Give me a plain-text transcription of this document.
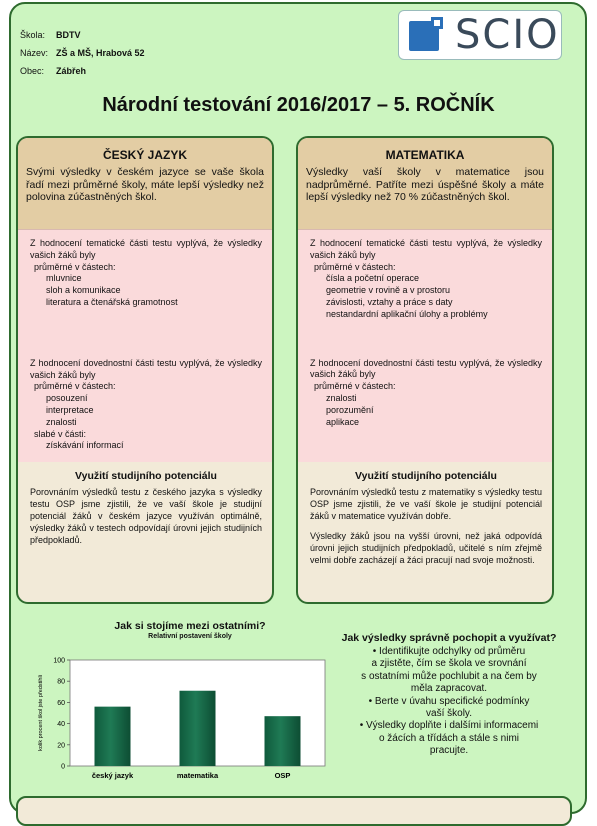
Škola:	BDTV
Název: ZŠ a MŠ, Hrabová 52
Obec:	Zábřeh
SCIO
Národní testování 2016/2017 – 5. ROČNÍK
ČESKÝ JAZYK
Svými výsledky v českém jazyce se vaše škola řadí mezi průměrné školy, máte lepší výsledky než polovina zúčastněných škol.
Z hodnocení tematické části testu vyplývá, že výsledky vašich žáků byly
průměrné v částech:
mluvnice
sloh a komunikace
literatura a čtenářská gramotnost
Z hodnocení dovednostní části testu vyplývá, že výsledky vašich žáků byly
průměrné v částech:
posouzení
interpretace
znalosti
slabé v části:
získávání informací
Využití studijního potenciálu
Porovnáním výsledků testu z českého jazyka s výsledky testu OSP jsme zjistili, že ve vaší škole je studijní potenciál žáků v českém jazyce využíván optimálně, výsledky žáků v testech odpovídají úrovni jejich studijních předpokladů.
MATEMATIKA
Výsledky vaší školy v matematice jsou nadprůměrné. Patříte mezi úspěšné školy a máte lepší výsledky než 70 % zúčastněných škol.
Z hodnocení tematické části testu vyplývá, že výsledky vašich žáků byly
průměrné v částech:
čísla a početní operace
geometrie v rovině a v prostoru
závislosti, vztahy a práce s daty
nestandardní aplikační úlohy a problémy
Z hodnocení dovednostní části testu vyplývá, že výsledky vašich žáků byly
průměrné v částech:
znalosti
porozumění
aplikace
Využití studijního potenciálu
Porovnáním výsledků testu z matematiky s výsledky testu OSP jsme zjistili, že ve vaší škole je studijní potenciál žáků v matematice využíván dobře.
Výsledky žáků jsou na vyšší úrovni, než jaká odpovídá úrovni jejich studijních předpokladů, učitelé s ním zřejmě velmi dobře zacházejí a žáci pracují nad svoje možnosti.
Jak si stojíme mezi ostatními?
Relativní postavení školy
0
20
40
60
80
100
kolik procent škol jste předstihli
český jazyk	matematika	OSP
Jak výsledky správně pochopit a využívat?
• Identifikujte odchylky od průměru
a zjistěte, čím se škola ve srovnání
s ostatními může pochlubit a na čem by
měla zapracovat.
• Berte v úvahu specifické podmínky
vaší školy.
• Výsledky doplňte i dalšími informacemi
o žácích a třídách a stále s nimi
pracujte.
